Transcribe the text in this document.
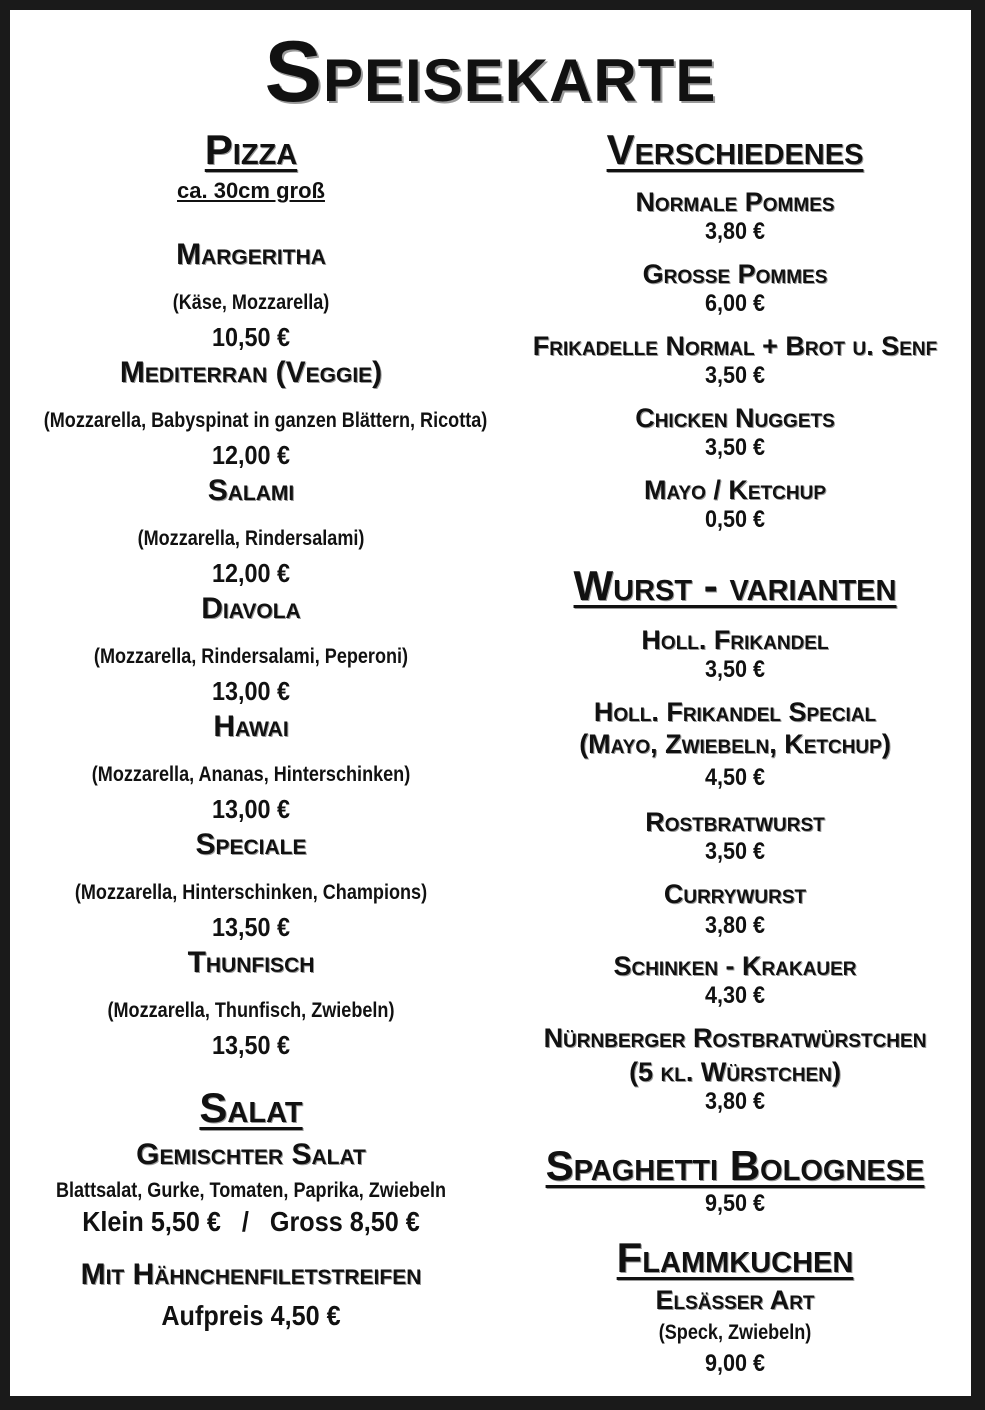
Speisekarte
Pizza
ca. 30cm groß
Margeritha
(Käse, Mozzarella)
10,50 €
Mediterran (Veggie)
(Mozzarella, Babyspinat in ganzen Blättern, Ricotta)
12,00 €
Salami
(Mozzarella, Rindersalami)
12,00 €
Diavola
(Mozzarella, Rindersalami, Peperoni)
13,00 €
Hawai
(Mozzarella, Ananas, Hinterschinken)
13,00 €
Speciale
(Mozzarella, Hinterschinken, Champions)
13,50 €
Thunfisch
(Mozzarella, Thunfisch, Zwiebeln)
13,50 €
Salat
Gemischter Salat
Blattsalat, Gurke, Tomaten, Paprika, Zwiebeln
Klein 5,50 €   /   Gross 8,50 €
Mit Hähnchenfiletstreifen
Aufpreis 4,50 €
Verschiedenes
Normale Pommes
3,80 €
Grosse Pommes
6,00 €
Frikadelle Normal + Brot u. Senf
3,50 €
Chicken Nuggets
3,50 €
Mayo / Ketchup
0,50 €
Wurst - varianten
Holl. Frikandel
3,50 €
Holl. Frikandel Special
(Mayo, Zwiebeln, Ketchup)
4,50 €
Rostbratwurst
3,50 €
Currywurst
3,80 €
Schinken - Krakauer
4,30 €
Nürnberger Rostbratwürstchen
(5 kl. Würstchen)
3,80 €
Spaghetti Bolognese
9,50 €
Flammkuchen
Elsässer Art
(Speck, Zwiebeln)
9,00 €
